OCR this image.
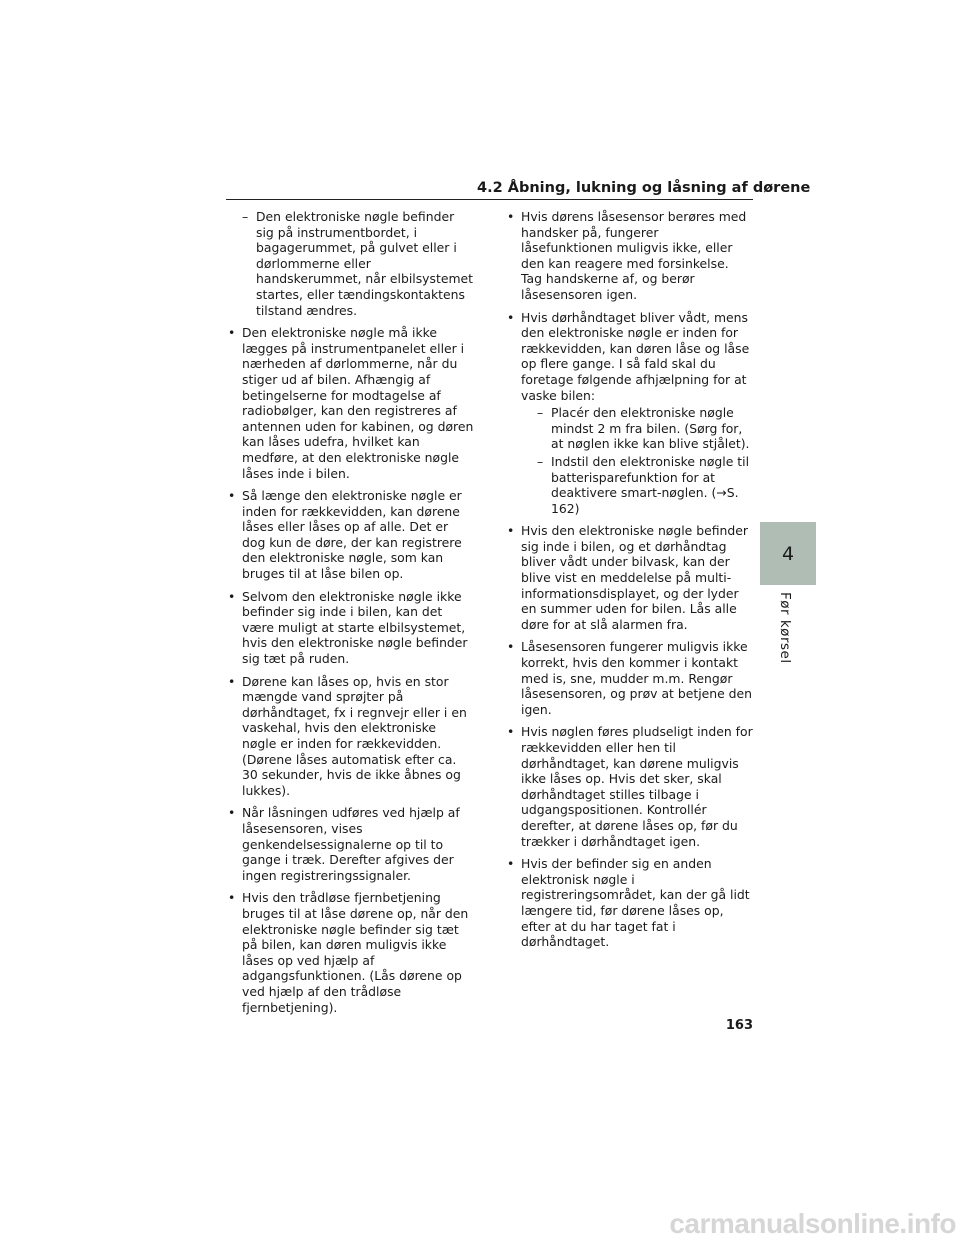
4.2 Åbning, lukning og låsning af dørene
– Den elektroniske nøgle befinder sig på instrumentbordet, i bagagerummet, på gulvet eller i dørlommerne eller handskerummet, når elbilsystemet startes, eller tændingskontaktens tilstand ændres.
• Den elektroniske nøgle må ikke lægges på instrumentpanelet eller i nærheden af dørlommerne, når du stiger ud af bilen. Afhængig af betingelserne for modtagelse af radiobølger, kan den registreres af antennen uden for kabinen, og døren kan låses udefra, hvilket kan medføre, at den elektroniske nøgle låses inde i bilen.
• Så længe den elektroniske nøgle er inden for rækkevidden, kan dørene låses eller låses op af alle. Det er dog kun de døre, der kan registrere den elektroniske nøgle, som kan bruges til at låse bilen op.
• Selvom den elektroniske nøgle ikke befinder sig inde i bilen, kan det være muligt at starte elbilsystemet, hvis den elektroniske nøgle befinder sig tæt på ruden.
• Dørene kan låses op, hvis en stor mængde vand sprøjter på dørhåndtaget, fx i regnvejr eller i en vaskehal, hvis den elektroniske nøgle er inden for rækkevidden. (Dørene låses automatisk efter ca. 30 sekunder, hvis de ikke åbnes og lukkes).
• Når låsningen udføres ved hjælp af låsesensoren, vises genkendelsessignalerne op til to gange i træk. Derefter afgives der ingen registreringssignaler.
• Hvis den trådløse fjernbetjening bruges til at låse dørene op, når den elektroniske nøgle befinder sig tæt på bilen, kan døren muligvis ikke låses op ved hjælp af adgangsfunktionen. (Lås dørene op ved hjælp af den trådløse fjernbetjening).
• Hvis dørens låsesensor berøres med handsker på, fungerer låsefunktionen muligvis ikke, eller den kan reagere med forsinkelse. Tag handskerne af, og berør låsesensoren igen.
• Hvis dørhåndtaget bliver vådt, mens den elektroniske nøgle er inden for rækkevidden, kan døren låse og låse op flere gange. I så fald skal du foretage følgende afhjælpning for at vaske bilen:
– Placér den elektroniske nøgle mindst 2 m fra bilen. (Sørg for, at nøglen ikke kan blive stjålet).
– Indstil den elektroniske nøgle til batterisparefunktion for at deaktivere smart-nøglen. (→S. 162)
• Hvis den elektroniske nøgle befinder sig inde i bilen, og et dørhåndtag bliver vådt under bilvask, kan der blive vist en meddelelse på multi-informationsdisplayet, og der lyder en summer uden for bilen. Lås alle døre for at slå alarmen fra.
• Låsesensoren fungerer muligvis ikke korrekt, hvis den kommer i kontakt med is, sne, mudder m.m. Rengør låsesensoren, og prøv at betjene den igen.
• Hvis nøglen føres pludseligt inden for rækkevidden eller hen til dørhåndtaget, kan dørene muligvis ikke låses op. Hvis det sker, skal dørhåndtaget stilles tilbage i udgangspositionen. Kontrollér derefter, at dørene låses op, før du trækker i dørhåndtaget igen.
• Hvis der befinder sig en anden elektronisk nøgle i registreringsområdet, kan der gå lidt længere tid, før dørene låses op, efter at du har taget fat i dørhåndtaget.
4
Før kørsel
163
carmanualsonline.info
